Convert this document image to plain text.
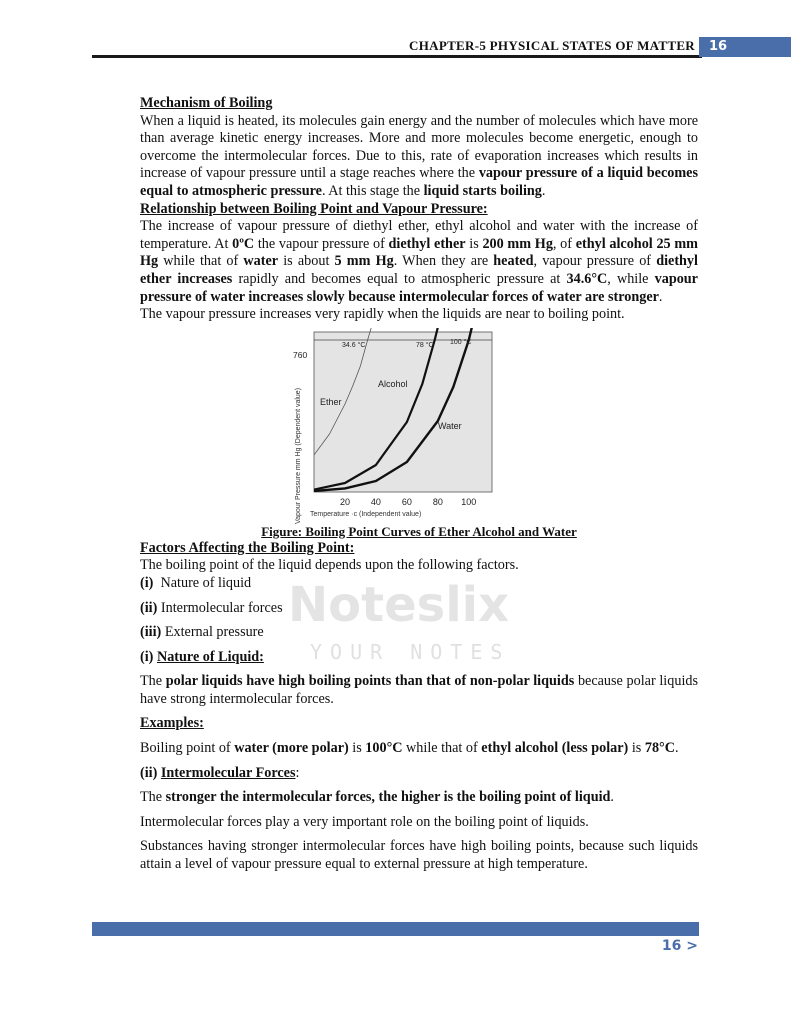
CHAPTER-5 PHYSICAL STATES OF MATTER	16

Mechanism of Boiling

When a liquid is heated, its molecules gain energy and the number of molecules which have more than average kinetic energy increases. More and more molecules become energetic, enough to overcome the intermolecular forces. Due to this, rate of evaporation increases which results in increase of vapour pressure until a stage reaches where the vapour pressure of a liquid becomes equal to atmospheric pressure. At this stage the liquid starts boiling.

Relationship between Boiling Point and Vapour Pressure:

The increase of vapour pressure of diethyl ether, ethyl alcohol and water with the increase of temperature. At 0ºC the vapour pressure of diethyl ether is 200 mm Hg, of ethyl alcohol 25 mm Hg while that of water is about 5 mm Hg. When they are heated, vapour pressure of diethyl ether increases rapidly and becomes equal to atmospheric pressure at 34.6°C, while vapour pressure of water increases slowly because intermolecular forces of water are stronger.

The vapour pressure increases very rapidly when the liquids are near to boiling point.

Vapour Pressure mm Hg (Dependent value)	20 40 60 80 100
760
Ether
Alcohol
Water
34.6 °C	78 °C 100 °C
Temperature ·c (Independent value)

Figure: Boiling Point Curves of Ether Alcohol and Water

Factors Affecting the Boiling Point:

The boiling point of the liquid depends upon the following factors.

(i) Nature of liquid

(ii) Intermolecular forces

(iii) External pressure

(i) Nature of Liquid:

The polar liquids have high boiling points than that of non-polar liquids because polar liquids have strong intermolecular forces.

Examples:

Boiling point of water (more polar) is 100°C while that of ethyl alcohol (less polar) is 78°C.

(ii) Intermolecular Forces:

The stronger the intermolecular forces, the higher is the boiling point of liquid.

Intermolecular forces play a very important role on the boiling point of liquids.

Substances having stronger intermolecular forces have high boiling points, because such liquids attain a level of vapour pressure equal to external pressure at high temperature.

Noteslix
YOUR NOTES
16 >
